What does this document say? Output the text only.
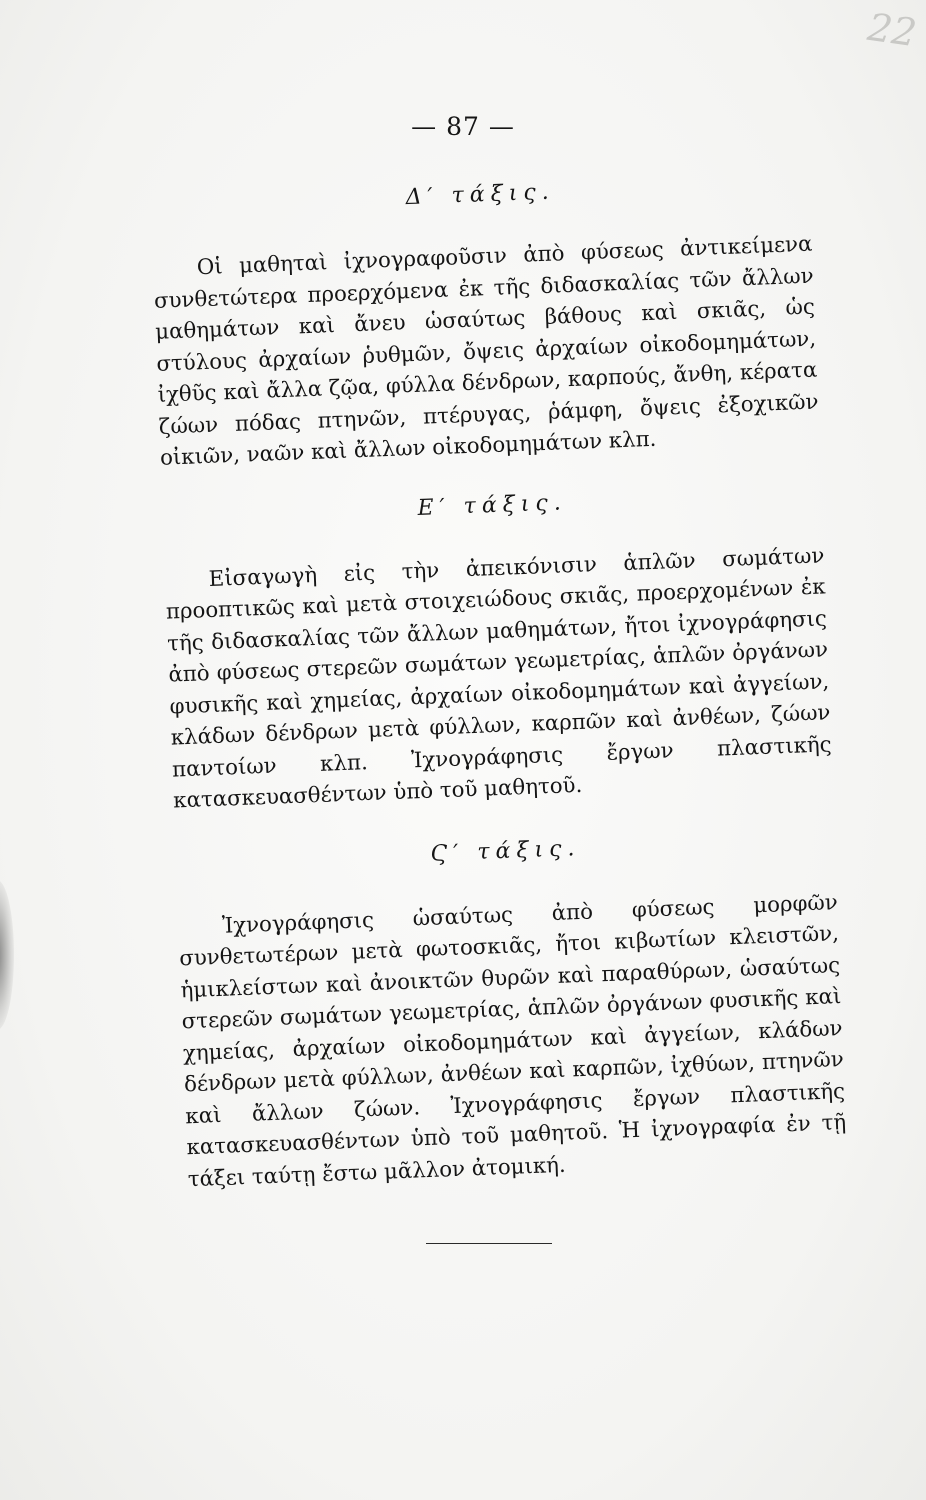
22
— 87 —

Δ′ τάξις.

Οἱ μαθηταὶ ἰχνογραφοῦσιν ἀπὸ φύσεως ἀντικείμενα συνθετώτερα προερχόμενα ἐκ τῆς διδασκαλίας τῶν ἄλλων μαθημάτων καὶ ἄνευ ὡσαύτως βάθους καὶ σκιᾶς, ὡς στύλους ἀρχαίων ῥυθμῶν, ὄψεις ἀρχαίων οἰκοδομημάτων, ἰχθῦς καὶ ἄλλα ζῷα, φύλλα δένδρων, καρπούς, ἄνθη, κέρατα ζώων πόδας πτηνῶν, πτέρυγας, ῥάμφη, ὄψεις ἐξοχικῶν οἰκιῶν, ναῶν καὶ ἄλλων οἰκοδομημάτων κλπ.

Ε′ τάξις.

Εἰσαγωγὴ εἰς τὴν ἀπεικόνισιν ἁπλῶν σωμάτων προοπτικῶς καὶ μετὰ στοιχειώδους σκιᾶς, προερχομένων ἐκ τῆς διδασκαλίας τῶν ἄλλων μαθημάτων, ἤτοι ἰχνογράφησις ἀπὸ φύσεως στερεῶν σωμάτων γεωμετρίας, ἁπλῶν ὀργάνων φυσικῆς καὶ χημείας, ἀρχαίων οἰκοδομημάτων καὶ ἀγγείων, κλάδων δένδρων μετὰ φύλλων, καρπῶν καὶ ἀνθέων, ζώων παντοίων κλπ. Ἰχνογράφησις ἔργων πλαστικῆς κατασκευασθέντων ὑπὸ τοῦ μαθητοῦ.

Ϛ′ τάξις.

Ἰχνογράφησις ὡσαύτως ἀπὸ φύσεως μορφῶν συνθετωτέρων μετὰ φωτοσκιᾶς, ἤτοι κιβωτίων κλειστῶν, ἡμικλείστων καὶ ἀνοικτῶν θυρῶν καὶ παραθύρων, ὡσαύτως στερεῶν σωμάτων γεωμετρίας, ἁπλῶν ὀργάνων φυσικῆς καὶ χημείας, ἀρχαίων οἰκοδομημάτων καὶ ἀγγείων, κλάδων δένδρων μετὰ φύλλων, ἀνθέων καὶ καρπῶν, ἰχθύων, πτηνῶν καὶ ἄλλων ζώων. Ἰχνογράφησις ἔργων πλαστικῆς κατασκευασθέντων ὑπὸ τοῦ μαθητοῦ. Ἡ ἰχνογραφία ἐν τῇ τάξει ταύτῃ ἔστω μᾶλλον ἀτομική.
